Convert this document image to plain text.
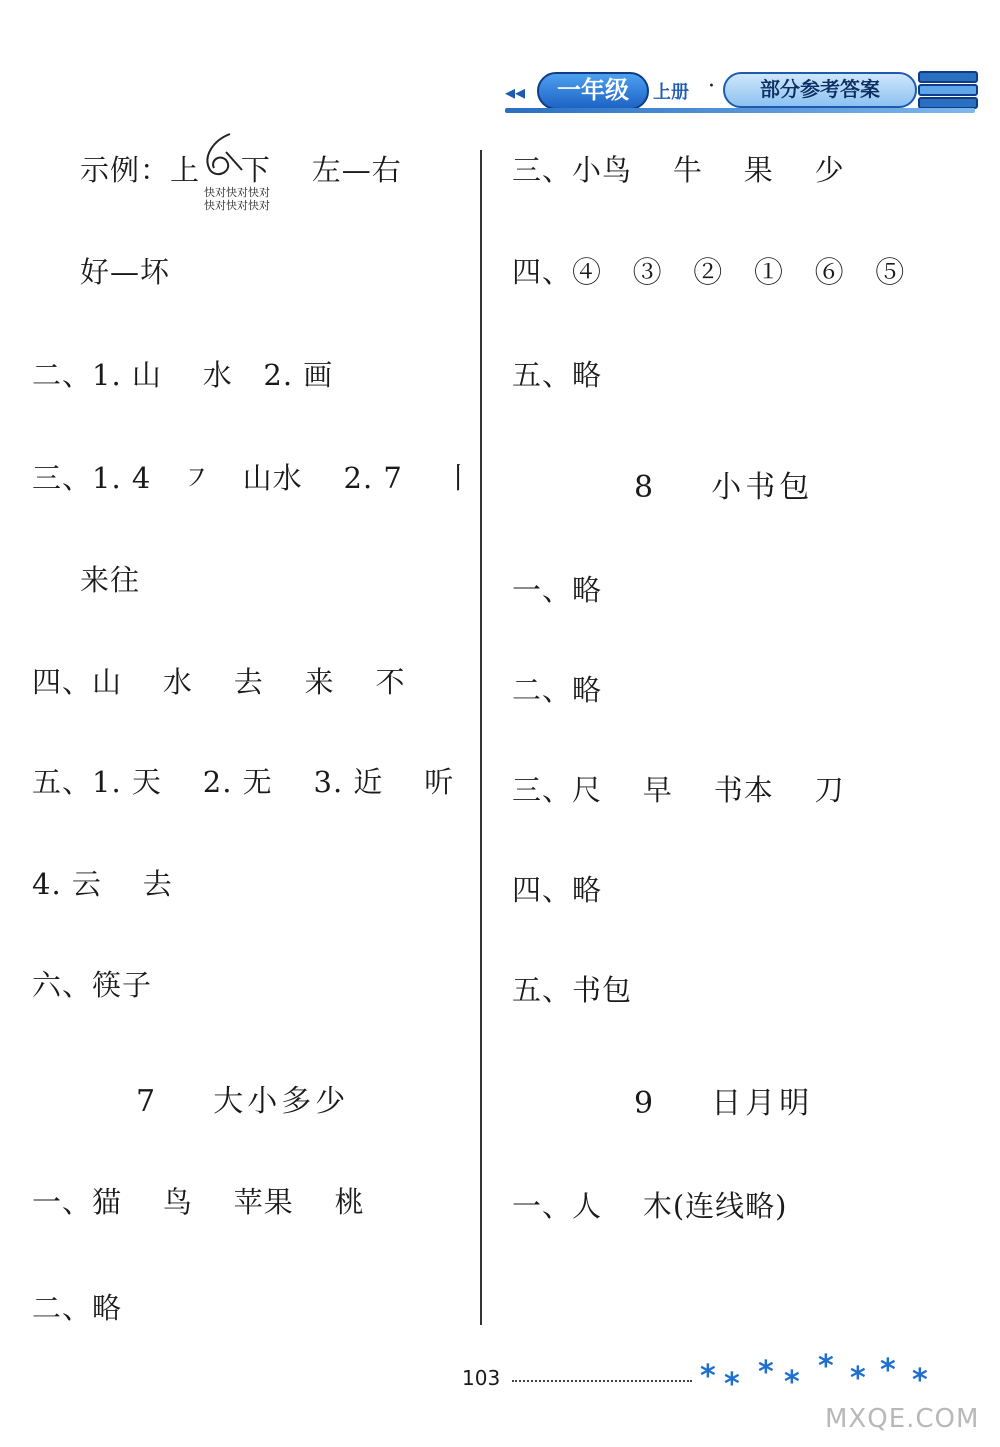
◂◂	一年级	上册 ·	部分参考答案
示例：上    下    左—右
快对快对快对
快对快对快对
好—坏
二、1. 山    水   2. 画
三、1. 4   ㇇   山水    2. 7    丨
来往
四、山    水    去    来    不
五、1. 天    2. 无    3. 近    听
4. 云    去
六、筷子
7    大小多少
一、猫    鸟    苹果    桃
二、略
三、小鸟    牛    果    少
四、④   ③   ②   ①   ⑥   ⑤
五、略
8    小书包
一、略
二、略
三、尺    早    书本    刀
四、略
五、书包
9    日月明
一、人    木(连线略)
103	* * * * * * * *
MXQE.COM
